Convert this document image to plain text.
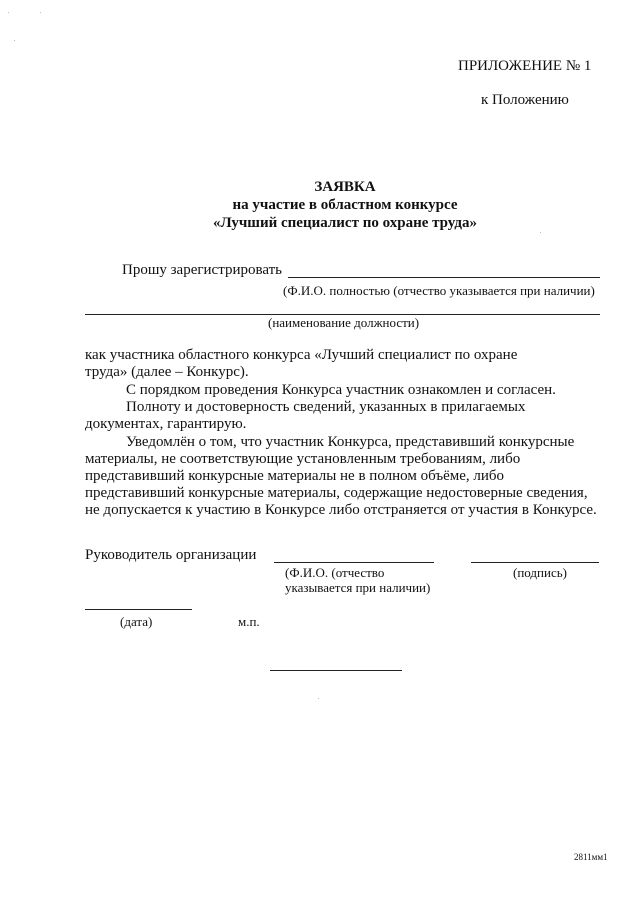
ПРИЛОЖЕНИЕ № 1
к Положению
ЗАЯВКА
на участие в областном конкурсе
«Лучший специалист по охране труда»
Прошу зарегистрировать
(Ф.И.О. полностью (отчество указывается при наличии)
(наименование должности)
как участника областного конкурса «Лучший специалист по охране
труда» (далее – Конкурс).
С порядком проведения Конкурса участник ознакомлен и согласен.
Полноту и достоверность сведений, указанных в прилагаемых
документах, гарантирую.
Уведомлён о том, что участник Конкурса, представивший конкурсные
материалы, не соответствующие установленным требованиям, либо
представивший конкурсные материалы не в полном объёме, либо
представивший конкурсные материалы, содержащие недостоверные сведения,
не допускается к участию в Конкурсе либо отстраняется от участия в Конкурсе.
Руководитель организации
(Ф.И.О. (отчество
указывается при наличии)
(подпись)
(дата)	м.п.
2811мм1
